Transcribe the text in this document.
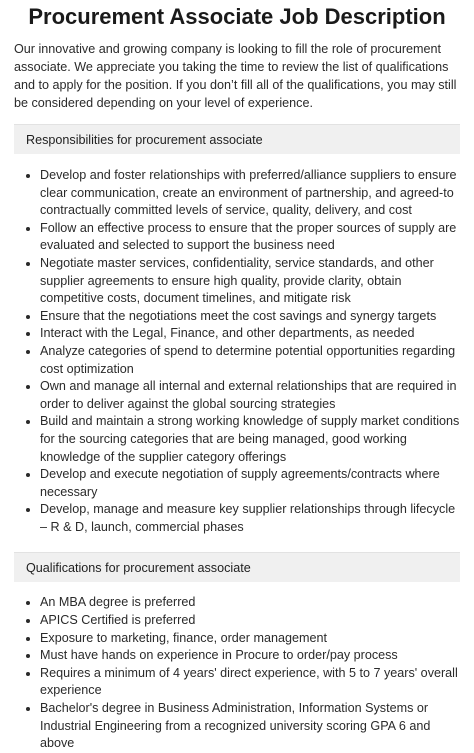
Procurement Associate Job Description

Our innovative and growing company is looking to fill the role of procurement associate. We appreciate you taking the time to review the list of qualifications and to apply for the position. If you don’t fill all of the qualifications, you may still be considered depending on your level of experience.

Responsibilities for procurement associate
Develop and foster relationships with preferred/alliance suppliers to ensure clear communication, create an environment of partnership, and agreed-to contractually committed levels of service, quality, delivery, and cost
Follow an effective process to ensure that the proper sources of supply are evaluated and selected to support the business need
Negotiate master services, confidentiality, service standards, and other supplier agreements to ensure high quality, provide clarity, obtain competitive costs, document timelines, and mitigate risk
Ensure that the negotiations meet the cost savings and synergy targets
Interact with the Legal, Finance, and other departments, as needed
Analyze categories of spend to determine potential opportunities regarding cost optimization
Own and manage all internal and external relationships that are required in order to deliver against the global sourcing strategies
Build and maintain a strong working knowledge of supply market conditions for the sourcing categories that are being managed, good working knowledge of the supplier category offerings
Develop and execute negotiation of supply agreements/contracts where necessary
Develop, manage and measure key supplier relationships through lifecycle – R & D, launch, commercial phases
Qualifications for procurement associate
An MBA degree is preferred
APICS Certified is preferred
Exposure to marketing, finance, order management
Must have hands on experience in Procure to order/pay process
Requires a minimum of 4 years' direct experience, with 5 to 7 years' overall experience
Bachelor's degree in Business Administration, Information Systems or Industrial Engineering from a recognized university scoring GPA 6 and above
